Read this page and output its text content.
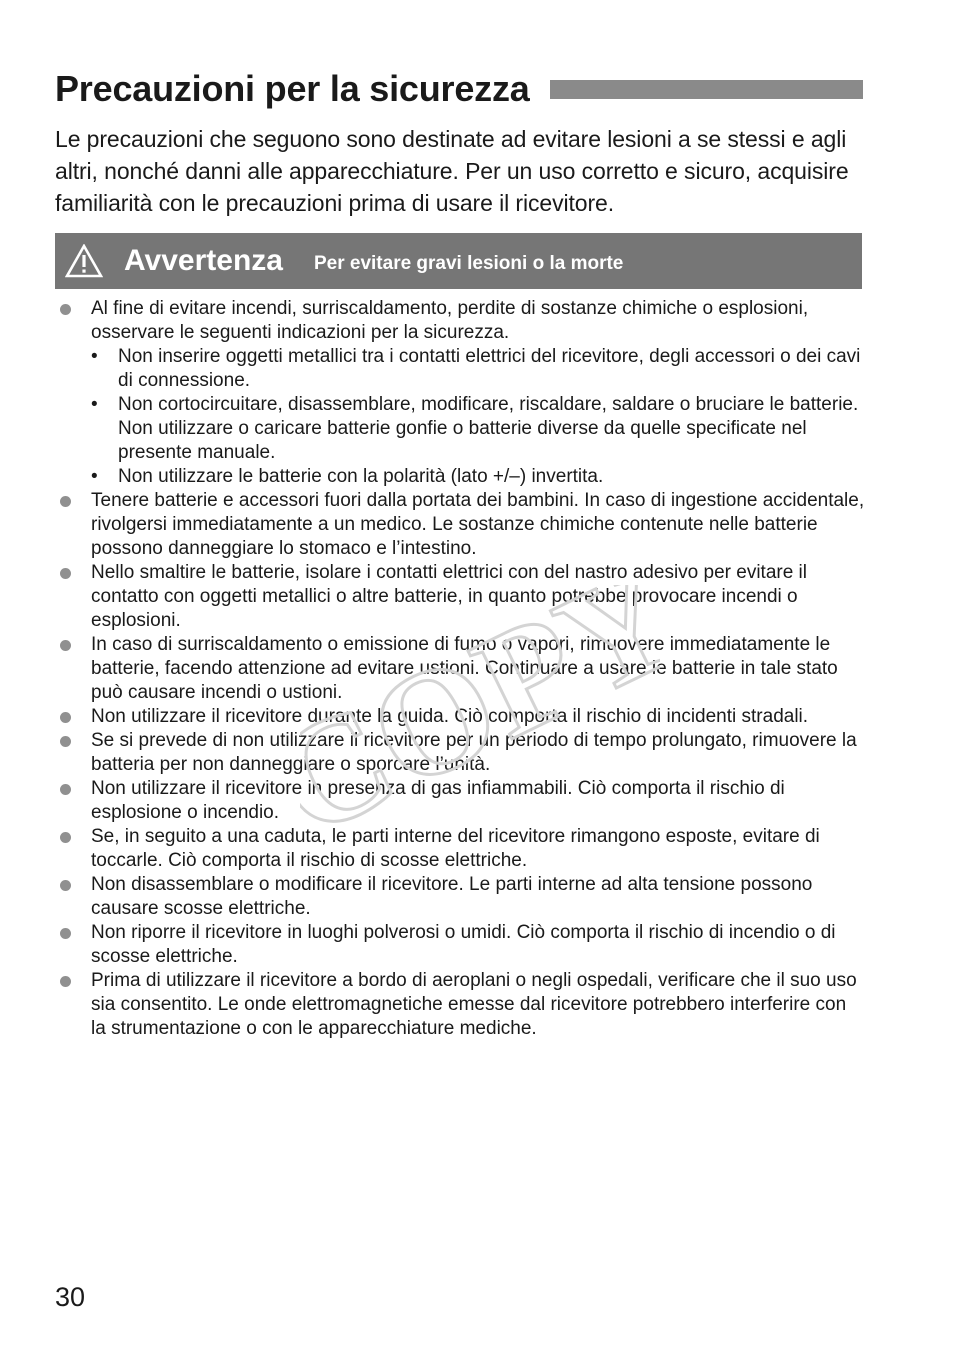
Precauzioni per la sicurezza

Le precauzioni che seguono sono destinate ad evitare lesioni a se stessi e agli altri, nonché danni alle apparecchiature. Per un uso corretto e sicuro, acquisire familiarità con le precauzioni prima di usare il ricevitore.

Avvertenza Per evitare gravi lesioni o la morte
Al fine di evitare incendi, surriscaldamento, perdite di sostanze chimiche o esplosioni, osservare le seguenti indicazioni per la sicurezza.
• Non inserire oggetti metallici tra i contatti elettrici del ricevitore, degli accessori o dei cavi di connessione.
• Non cortocircuitare, disassemblare, modificare, riscaldare, saldare o bruciare le batterie. Non utilizzare o caricare batterie gonfie o batterie diverse da quelle specificate nel presente manuale.
• Non utilizzare le batterie con la polarità (lato +/–) invertita.
Tenere batterie e accessori fuori dalla portata dei bambini. In caso di ingestione accidentale, rivolgersi immediatamente a un medico. Le sostanze chimiche contenute nelle batterie possono danneggiare lo stomaco e l’intestino.
Nello smaltire le batterie, isolare i contatti elettrici con del nastro adesivo per evitare il contatto con oggetti metallici o altre batterie, in quanto potrebbe provocare incendi o esplosioni.
In caso di surriscaldamento o emissione di fumo o vapori, rimuovere immediatamente le batterie, facendo attenzione ad evitare ustioni. Continuare a usare le batterie in tale stato può causare incendi o ustioni.
Non utilizzare il ricevitore durante la guida. Ciò comporta il rischio di incidenti stradali.
Se si prevede di non utilizzare il ricevitore per un periodo di tempo prolungato, rimuovere la batteria per non danneggiare o sporcare l’unità.
Non utilizzare il ricevitore in presenza di gas infiammabili. Ciò comporta il rischio di esplosione o incendio.
Se, in seguito a una caduta, le parti interne del ricevitore rimangono esposte, evitare di toccarle. Ciò comporta il rischio di scosse elettriche.
Non disassemblare o modificare il ricevitore. Le parti interne ad alta tensione possono causare scosse elettriche.
Non riporre il ricevitore in luoghi polverosi o umidi. Ciò comporta il rischio di incendio o di scosse elettriche.
Prima di utilizzare il ricevitore a bordo di aeroplani o negli ospedali, verificare che il suo uso sia consentito. Le onde elettromagnetiche emesse dal ricevitore potrebbero interferire con la strumentazione o con le apparecchiature mediche.
COPY
30
